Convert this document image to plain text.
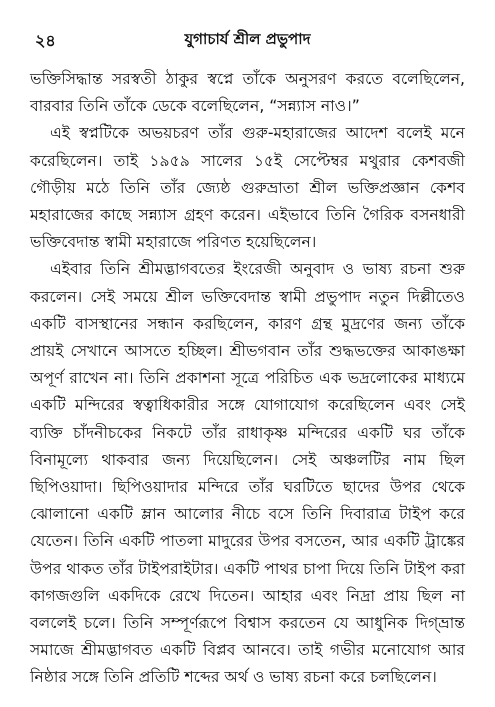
২৪	যুগাচার্য শ্রীল প্রভুপাদ

ভক্তিসিদ্ধান্ত সরস্বতী ঠাকুর স্বপ্নে তাঁকে অনুসরণ করতে বলেছিলেন, বারবার তিনি তাঁকে ডেকে বলেছিলেন, “সন্ন্যাস নাও।”

এই স্বপ্নটিকে অভয়চরণ তাঁর গুরু-মহারাজের আদেশ বলেই মনে করেছিলেন। তাই ১৯৫৯ সালের ১৫ই সেপ্টেম্বর মথুরার কেশবজী গৌড়ীয় মঠে তিনি তাঁর জ্যেষ্ঠ গুরুভ্রাতা শ্রীল ভক্তিপ্রজ্ঞান কেশব মহারাজের কাছে সন্ন্যাস গ্রহণ করেন। এইভাবে তিনি গৈরিক বসনধারী ভক্তিবেদান্ত স্বামী মহারাজে পরিণত হয়েছিলেন।

এইবার তিনি শ্রীমদ্ভাগবতের ইংরেজী অনুবাদ ও ভাষ্য রচনা শুরু করলেন। সেই সময়ে শ্রীল ভক্তিবেদান্ত স্বামী প্রভুপাদ নতুন দিল্লীতেও একটি বাসস্থানের সন্ধান করছিলেন, কারণ গ্রন্থ মুদ্রণের জন্য তাঁকে প্রায়ই সেখানে আসতে হচ্ছিল। শ্রীভগবান তাঁর শুদ্ধভক্তের আকাঙক্ষা অপূর্ণ রাখেন না। তিনি প্রকাশনা সূত্রে পরিচিত এক ভদ্রলোকের মাধ্যমে একটি মন্দিরের স্বত্বাধিকারীর সঙ্গে যোগাযোগ করেছিলেন এবং সেই ব্যক্তি চাঁদনীচকের নিকটে তাঁর রাধাকৃষ্ণ মন্দিরের একটি ঘর তাঁকে বিনামূল্যে থাকবার জন্য দিয়েছিলেন। সেই অঞ্চলটির নাম ছিল ছিপিওয়াদা। ছিপিওয়াদার মন্দিরে তাঁর ঘরটিতে ছাদের উপর থেকে ঝোলানো একটি ম্লান আলোর নীচে বসে তিনি দিবারাত্র টাইপ করে যেতেন। তিনি একটি পাতলা মাদুরের উপর বসতেন, আর একটি ট্রাঙ্কের উপর থাকত তাঁর টাইপরাইটার। একটি পাথর চাপা দিয়ে তিনি টাইপ করা কাগজগুলি একদিকে রেখে দিতেন। আহার এবং নিদ্রা প্রায় ছিল না বললেই চলে। তিনি সম্পূর্ণরূপে বিশ্বাস করতেন যে আধুনিক দিগ্‌ভ্রান্ত সমাজে শ্রীমদ্ভাগবত একটি বিপ্লব আনবে। তাই গভীর মনোযোগ আর নিষ্ঠার সঙ্গে তিনি প্রতিটি শব্দের অর্থ ও ভাষ্য রচনা করে চলছিলেন।
